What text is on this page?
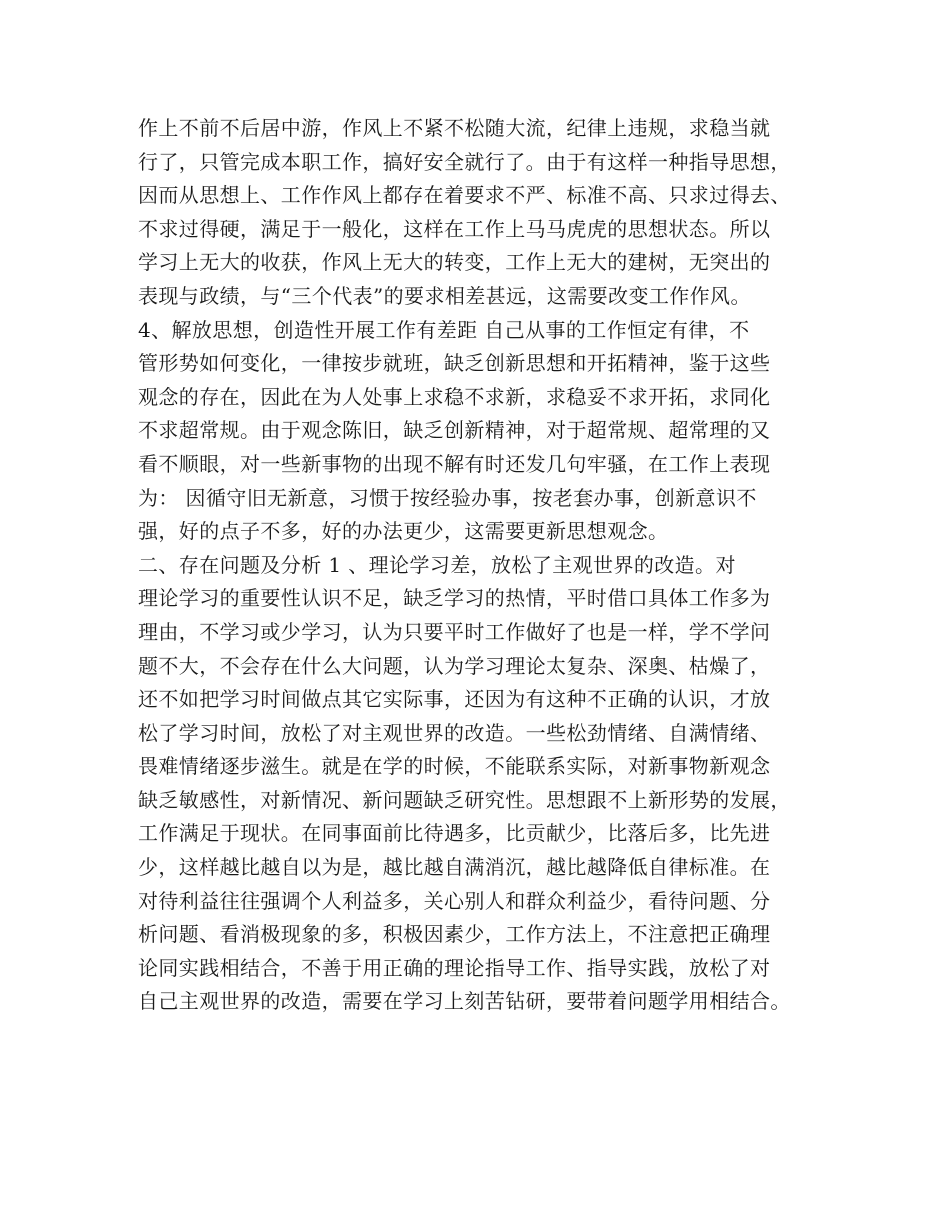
作上不前不后居中游，作风上不紧不松随大流，纪律上违规，求稳当就
行了，只管完成本职工作，搞好安全就行了。由于有这样一种指导思想，
因而从思想上、工作作风上都存在着要求不严、标准不高、只求过得去、
不求过得硬，满足于一般化，这样在工作上马马虎虎的思想状态。所以
学习上无大的收获，作风上无大的转变，工作上无大的建树，无突出的
表现与政绩，与“三个代表”的要求相差甚远，这需要改变工作作风。
4、解放思想，创造性开展工作有差距 自己从事的工作恒定有律，不
管形势如何变化，一律按步就班，缺乏创新思想和开拓精神，鉴于这些
观念的存在，因此在为人处事上求稳不求新，求稳妥不求开拓，求同化
不求超常规。由于观念陈旧，缺乏创新精神，对于超常规、超常理的又
看不顺眼，对一些新事物的出现不解有时还发几句牢骚，在工作上表现
为： 因循守旧无新意，习惯于按经验办事，按老套办事，创新意识不
强，好的点子不多，好的办法更少，这需要更新思想观念。
二、存在问题及分析 1 、理论学习差，放松了主观世界的改造。对
理论学习的重要性认识不足，缺乏学习的热情，平时借口具体工作多为
理由，不学习或少学习，认为只要平时工作做好了也是一样，学不学问
题不大，不会存在什么大问题，认为学习理论太复杂、深奥、枯燥了，
还不如把学习时间做点其它实际事，还因为有这种不正确的认识，才放
松了学习时间，放松了对主观世界的改造。一些松劲情绪、自满情绪、
畏难情绪逐步滋生。就是在学的时候，不能联系实际，对新事物新观念
缺乏敏感性，对新情况、新问题缺乏研究性。思想跟不上新形势的发展，
工作满足于现状。在同事面前比待遇多，比贡献少，比落后多，比先进
少，这样越比越自以为是，越比越自满消沉，越比越降低自律标准。在
对待利益往往强调个人利益多，关心别人和群众利益少，看待问题、分
析问题、看消极现象的多，积极因素少，工作方法上，不注意把正确理
论同实践相结合，不善于用正确的理论指导工作、指导实践，放松了对
自己主观世界的改造，需要在学习上刻苦钻研，要带着问题学用相结合。
